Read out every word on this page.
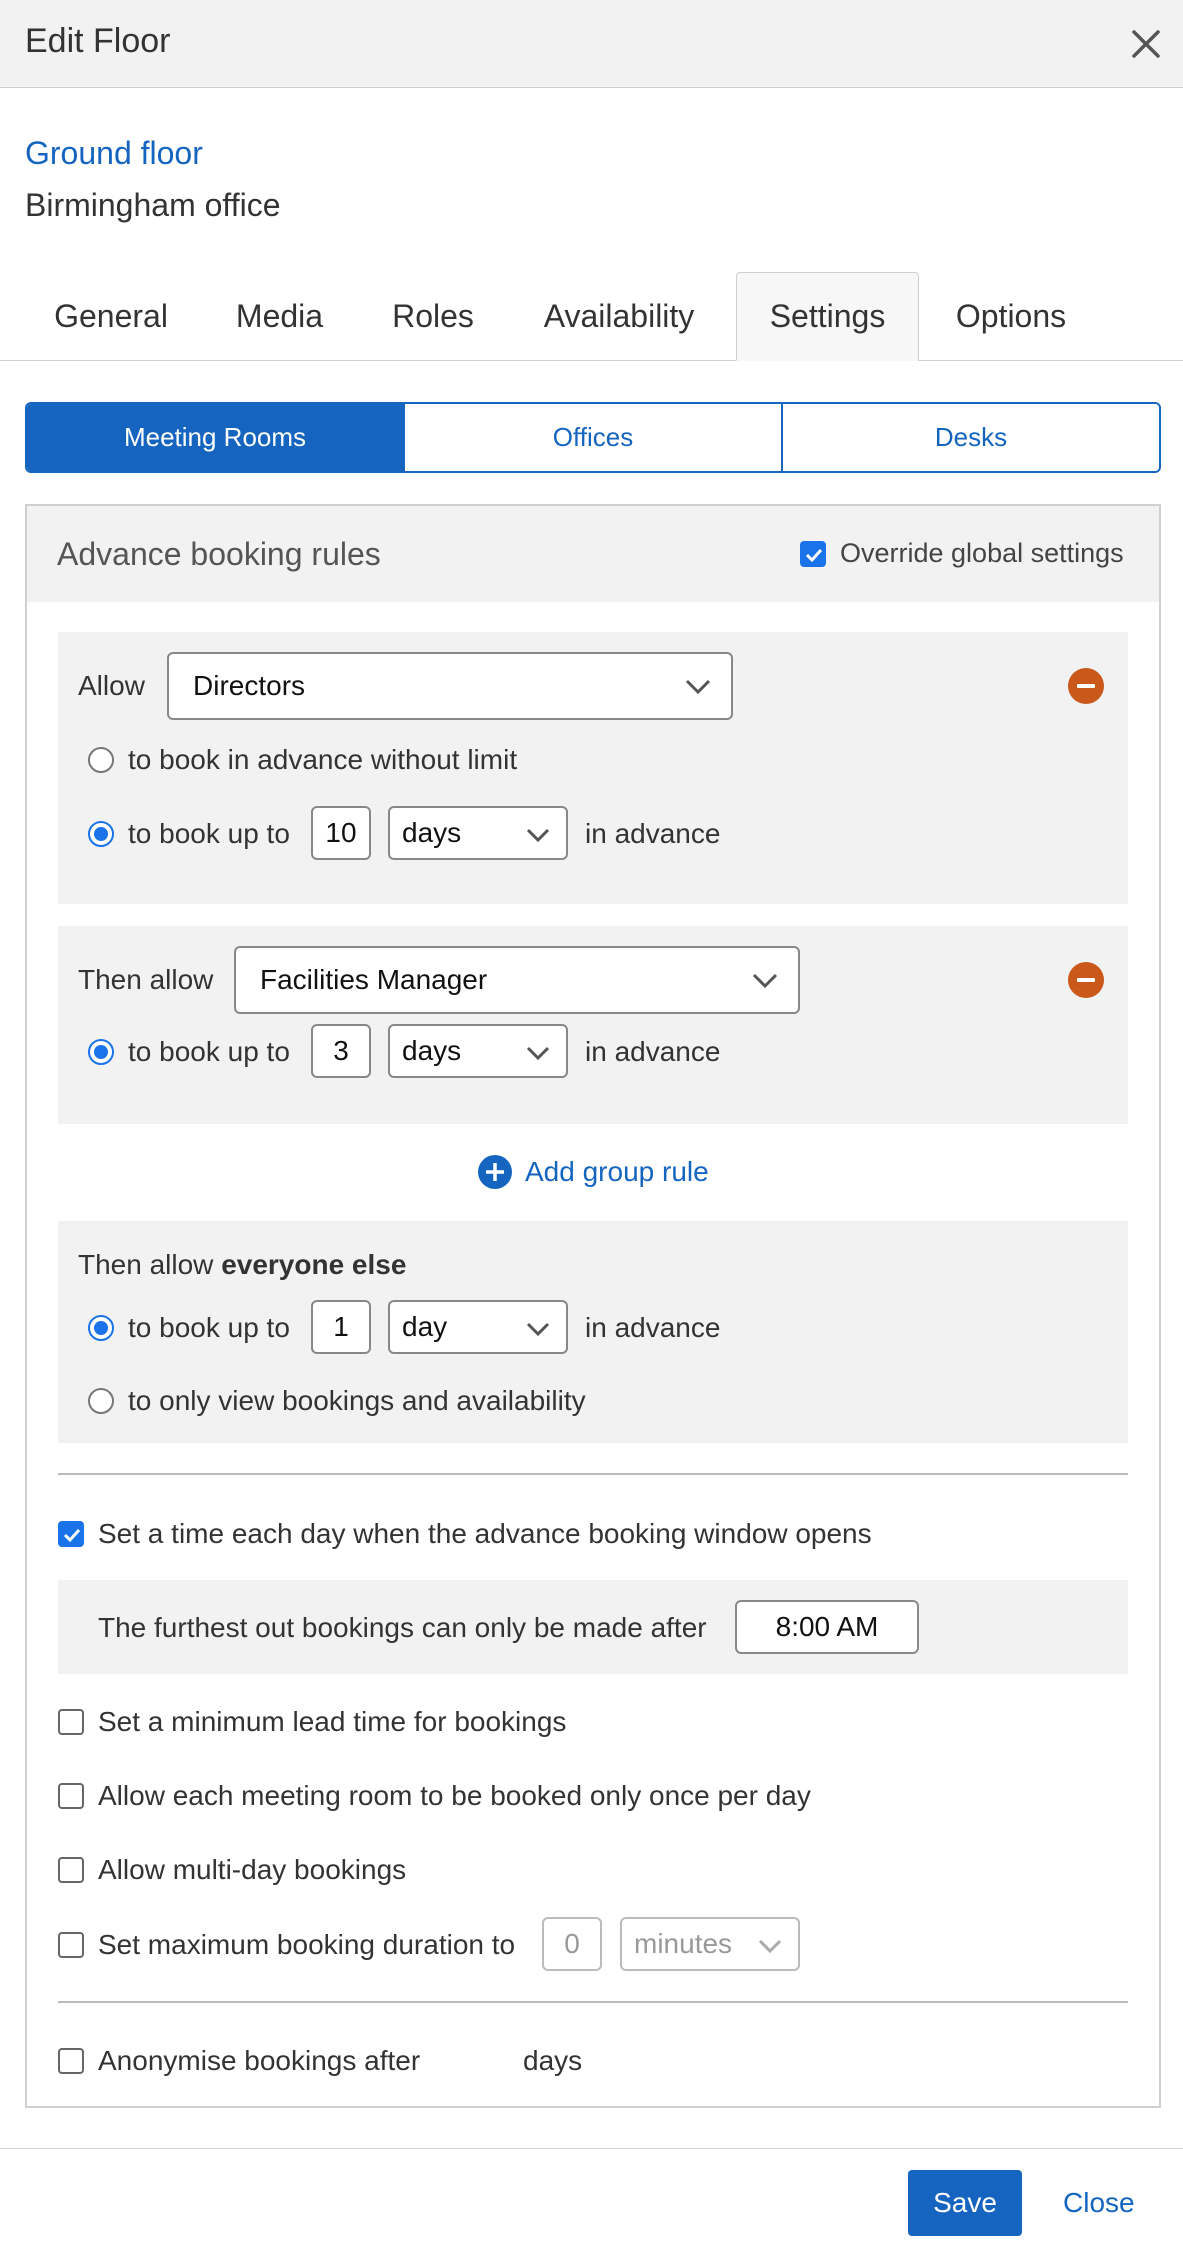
Edit Floor
Ground floor
Birmingham office
General	Media	Roles	Availability	Settings	Options
Meeting Rooms	Offices	Desks
Advance booking rules	Override global settings
Allow Directors
to book in advance without limit
to book up to	10	days	in advance
Then allow Facilities Manager
to book up to	3	days	in advance
Add group rule
Then allow everyone else
to book up to	1	day	in advance
to only view bookings and availability
Set a time each day when the advance booking window opens
The furthest out bookings can only be made after	8:00 AM
Set a minimum lead time for bookings
Allow each meeting room to be booked only once per day
Allow multi-day bookings
Set maximum booking duration to	0	minutes
Anonymise bookings after	days
Save	Close
